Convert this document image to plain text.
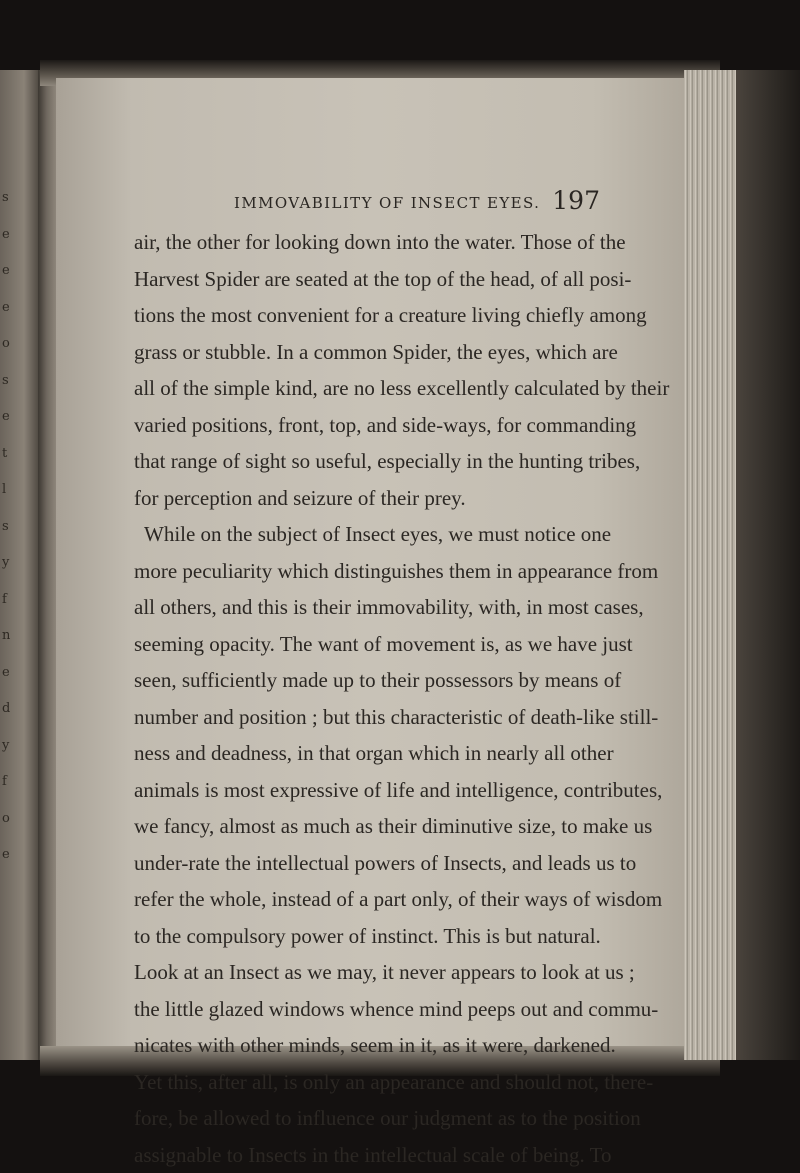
s
e
e
e
o
s
e
t
l
s
y
f
n
e
d
y
f
o
e
IMMOVABILITY OF INSECT EYES. 197
air, the other for looking down into the water. Those of the
Harvest Spider are seated at the top of the head, of all posi-
tions the most convenient for a creature living chiefly among
grass or stubble. In a common Spider, the eyes, which are
all of the simple kind, are no less excellently calculated by their
varied positions, front, top, and side-ways, for commanding
that range of sight so useful, especially in the hunting tribes,
for perception and seizure of their prey.
While on the subject of Insect eyes, we must notice one
more peculiarity which distinguishes them in appearance from
all others, and this is their immovability, with, in most cases,
seeming opacity. The want of movement is, as we have just
seen, sufficiently made up to their possessors by means of
number and position ; but this characteristic of death-like still-
ness and deadness, in that organ which in nearly all other
animals is most expressive of life and intelligence, contributes,
we fancy, almost as much as their diminutive size, to make us
under-rate the intellectual powers of Insects, and leads us to
refer the whole, instead of a part only, of their ways of wisdom
to the compulsory power of instinct. This is but natural.
Look at an Insect as we may, it never appears to look at us ;
the little glazed windows whence mind peeps out and commu-
nicates with other minds, seem in it, as it were, darkened.
Yet this, after all, is only an appearance and should not, there-
fore, be allowed to influence our judgment as to the position
assignable to Insects in the intellectual scale of being. To
